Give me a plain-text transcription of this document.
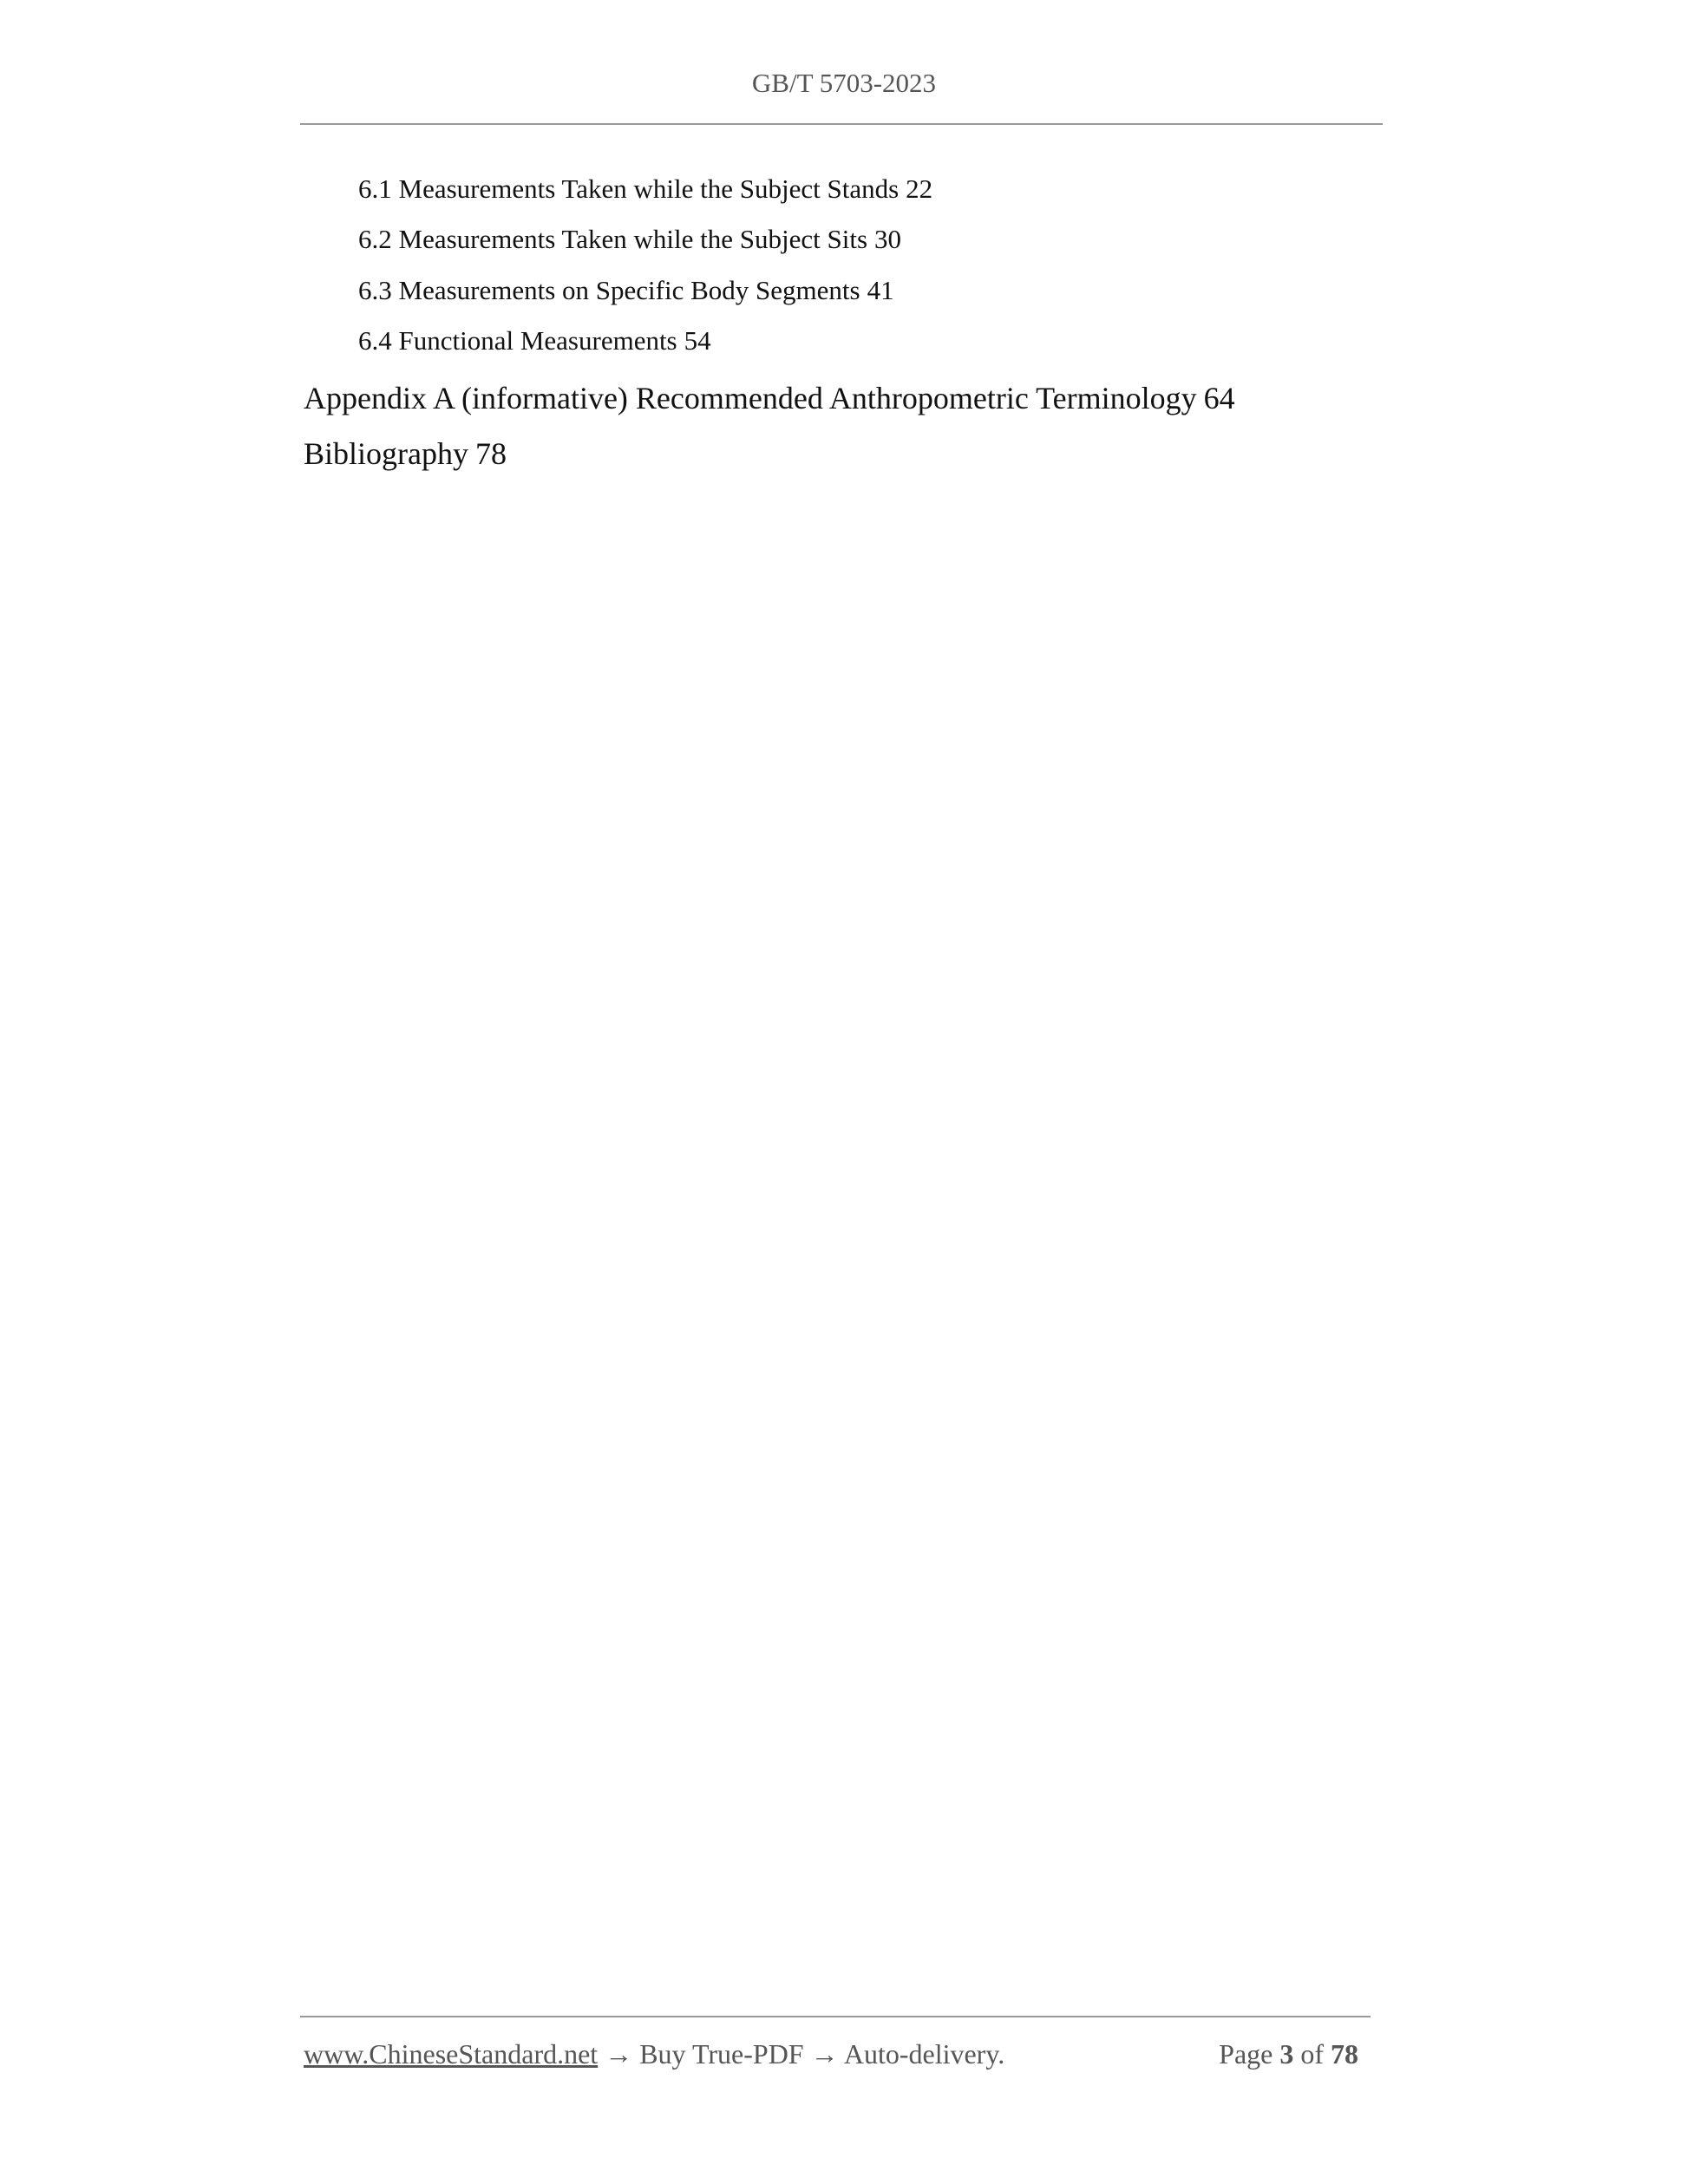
GB/T 5703-2023
6.1 Measurements Taken while the Subject Stands 22
6.2 Measurements Taken while the Subject Sits 30
6.3 Measurements on Specific Body Segments 41
6.4 Functional Measurements 54
Appendix A (informative) Recommended Anthropometric Terminology 64
Bibliography 78
www.ChineseStandard.net → Buy True-PDF → Auto-delivery.	Page 3 of 78
